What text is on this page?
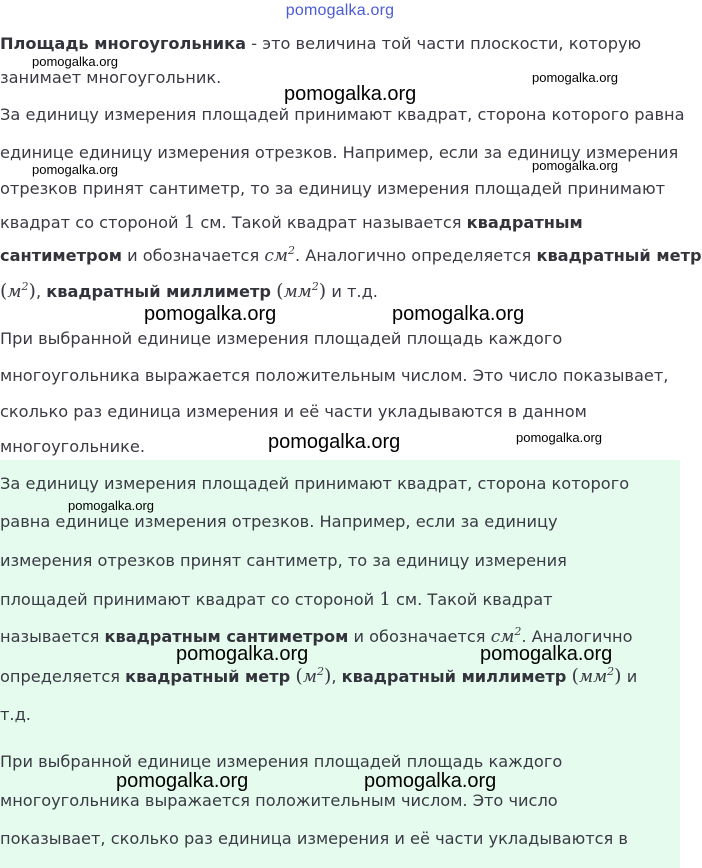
pomogalka.org
Площадь многоугольника - это величина той части плоскости, которую
занимает многоугольник.
За единицу измерения площадей принимают квадрат, сторона которого равна
единице единицу измерения отрезков. Например, если за единицу измерения
отрезков принят сантиметр, то за единицу измерения площадей принимают
квадрат со стороной 1 см. Такой квадрат называется квадратным
сантиметром и обозначается $см^2$. Аналогично определяется квадратный метр
$(м^2)$, квадратный миллиметр $(мм^2)$ и т.д.
При выбранной единице измерения площадей площадь каждого
многоугольника выражается положительным числом. Это число показывает,
сколько раз единица измерения и её части укладываются в данном
многоугольнике.
За единицу измерения площадей принимают квадрат, сторона которого
равна единице измерения отрезков. Например, если за единицу
измерения отрезков принят сантиметр, то за единицу измерения
площадей принимают квадрат со стороной 1 см. Такой квадрат
называется квадратным сантиметром и обозначается $см^2$. Аналогично
определяется квадратный метр $(м^2)$, квадратный миллиметр $(мм^2)$ и
т.д.
При выбранной единице измерения площадей площадь каждого
многоугольника выражается положительным числом. Это число
показывает, сколько раз единица измерения и её части укладываются в
pomogalka.org
pomogalka.org
pomogalka.org
pomogalka.org	pomogalka.org
pomogalka.org	pomogalka.org
pomogalka.org	pomogalka.org
pomogalka.org
pomogalka.org	pomogalka.org
pomogalka.org	pomogalka.org
